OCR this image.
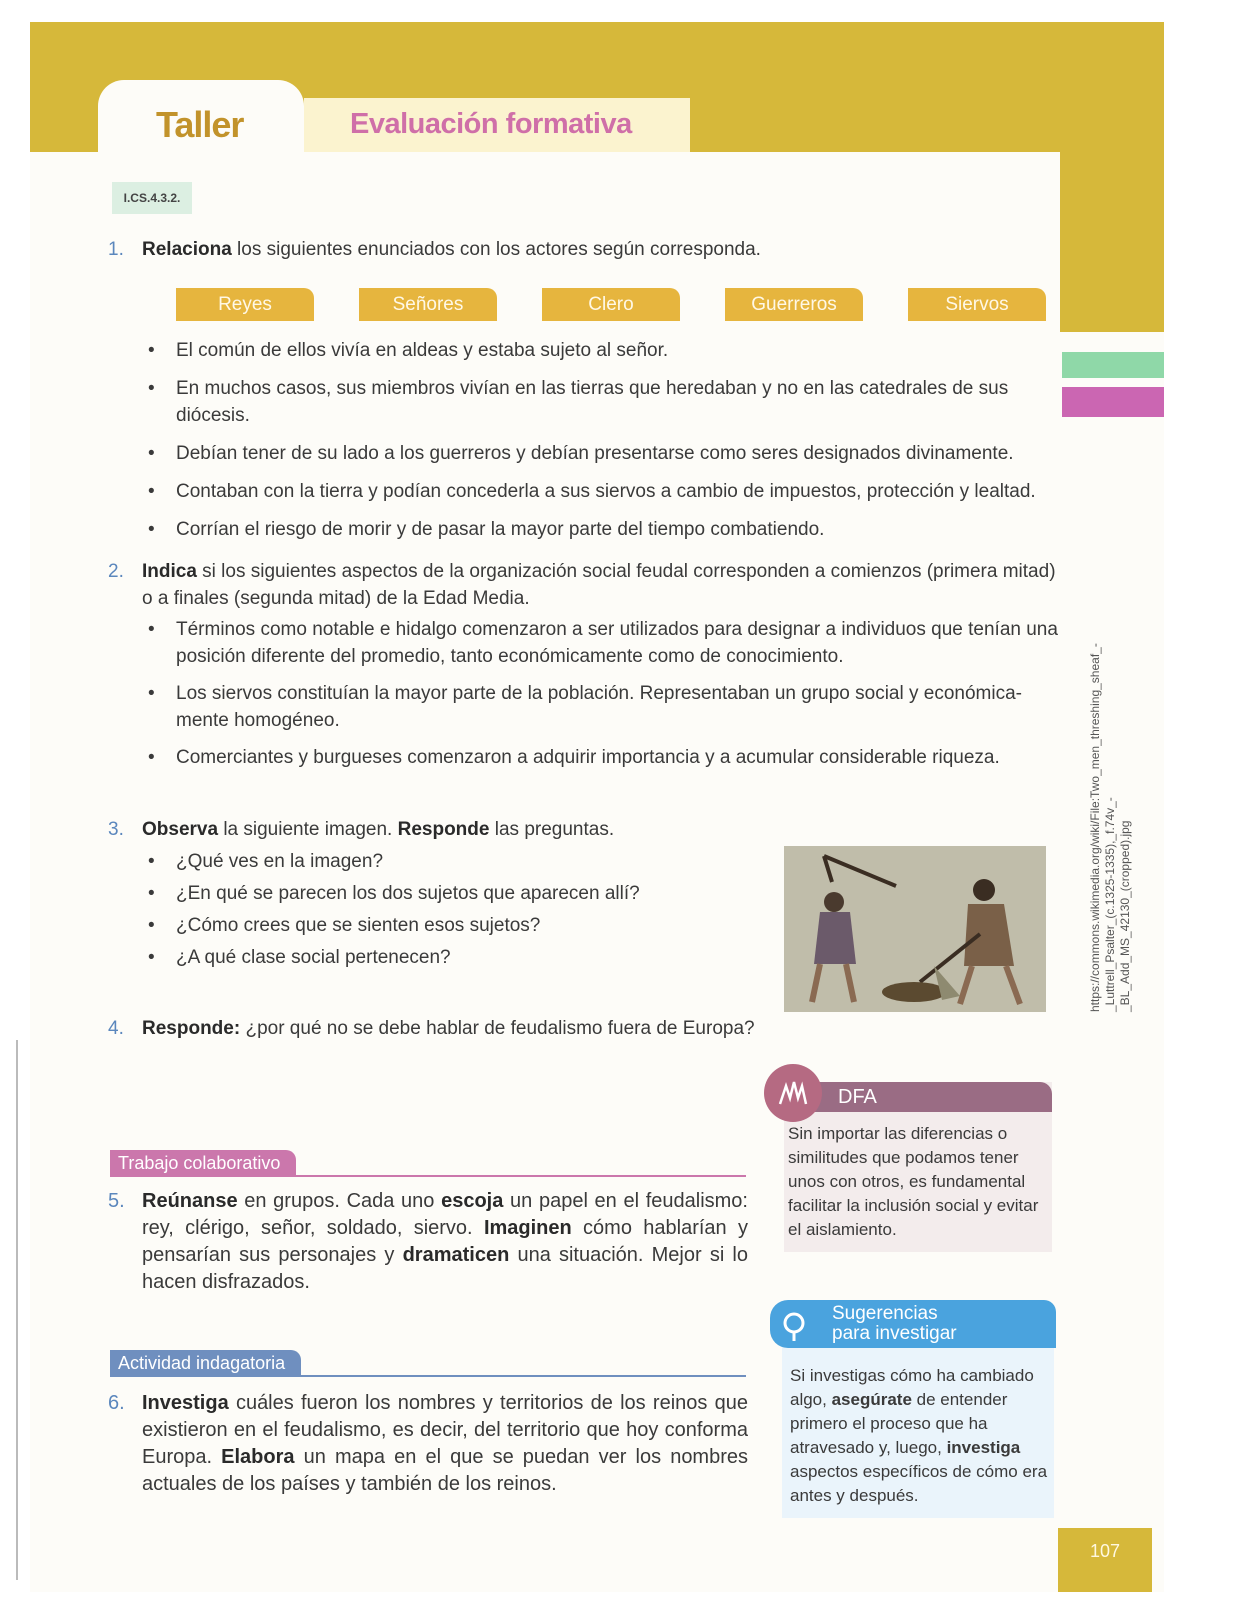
Taller	Evaluación formativa
I.CS.4.3.2.
1. Relaciona los siguientes enunciados con los actores según corresponda.
Reyes	Señores	Clero	Guerreros	Siervos
• El común de ellos vivía en aldeas y estaba sujeto al señor.
• En muchos casos, sus miembros vivían en las tierras que heredaban y no en las catedrales de sus diócesis.
• Debían tener de su lado a los guerreros y debían presentarse como seres designados divinamente.
• Contaban con la tierra y podían concederla a sus siervos a cambio de impuestos, protección y lealtad.
• Corrían el riesgo de morir y de pasar la mayor parte del tiempo combatiendo.
2. Indica si los siguientes aspectos de la organización social feudal corresponden a comienzos (primera mitad) o a finales (segunda mitad) de la Edad Media.
• Términos como notable e hidalgo comenzaron a ser utilizados para designar a individuos que tenían una posición diferente del promedio, tanto económicamente como de conocimiento.
• Los siervos constituían la mayor parte de la población. Representaban un grupo social y económica-mente homogéneo.
• Comerciantes y burgueses comenzaron a adquirir importancia y a acumular considerable riqueza.
3. Observa la siguiente imagen. Responde las preguntas.
• ¿Qué ves en la imagen?
• ¿En qué se parecen los dos sujetos que aparecen allí?
• ¿Cómo crees que se sienten esos sujetos?
• ¿A qué clase social pertenecen?	https://commons.wikimedia.org/wiki/File:Two_men_threshing_sheaf_-_Luttrell_Psalter_(c.1325-1335),_f.74v_-_BL_Add_MS_42130_(cropped).jpg
DFA
Sin importar las diferencias o similitudes que podamos tener unos con otros, es fundamental facilitar la inclusión social y evitar el aislamiento.
Trabajo colaborativo
5. Reúnanse en grupos. Cada uno escoja un papel en el feudalismo: rey, clérigo, señor, soldado, siervo. Imaginen cómo hablarían y pensarían sus personajes y dramaticen una situación. Mejor si lo hacen disfrazados.
Sugerencias
para investigar
Si investigas cómo ha cambiado algo, asegúrate de entender primero el proceso que ha atravesado y, luego, investiga aspectos específicos de cómo era antes y después.
Actividad indagatoria
6. Investiga cuáles fueron los nombres y territorios de los reinos que existieron en el feudalismo, es decir, del territorio que hoy conforma Europa. Elabora un mapa en el que se puedan ver los nombres actuales de los países y también de los reinos.
4. Responde: ¿por qué no se debe hablar de feudalismo fuera de Europa?
107
